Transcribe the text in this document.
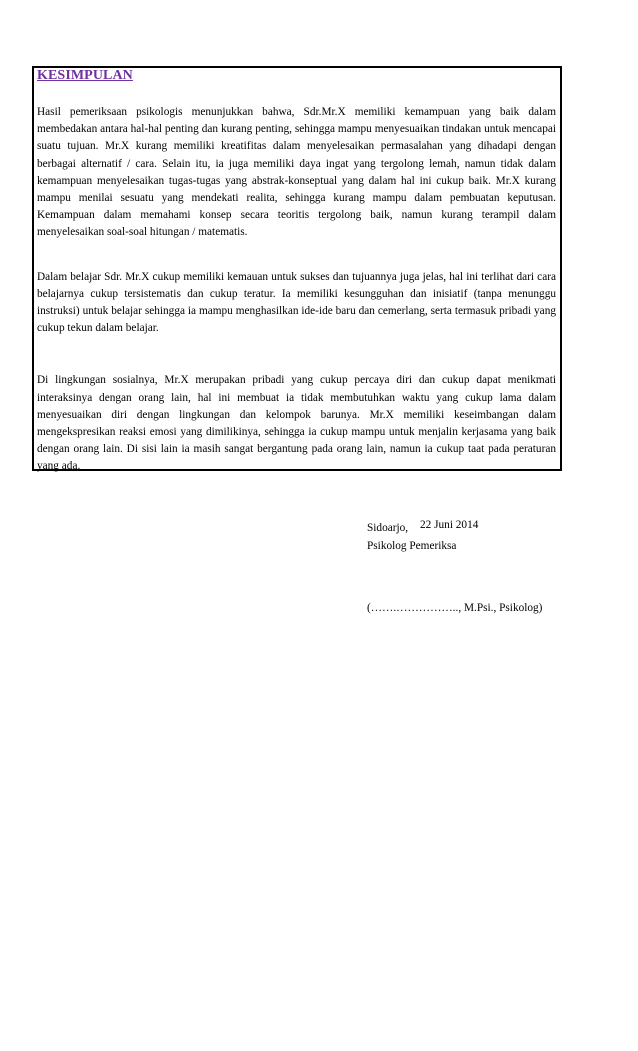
KESIMPULAN

Hasil pemeriksaan psikologis menunjukkan bahwa, Sdr.Mr.X memiliki kemampuan yang baik dalam membedakan antara hal-hal penting dan kurang penting, sehingga mampu menyesuaikan tindakan untuk mencapai suatu tujuan. Mr.X kurang memiliki kreatifitas dalam menyelesaikan permasalahan yang dihadapi dengan berbagai alternatif / cara. Selain itu, ia juga memiliki daya ingat yang tergolong lemah, namun tidak dalam kemampuan menyelesaikan tugas-tugas yang abstrak-konseptual yang dalam hal ini cukup baik. Mr.X kurang mampu menilai sesuatu yang mendekati realita, sehingga kurang mampu dalam pembuatan keputusan. Kemampuan dalam memahami konsep secara teoritis tergolong baik, namun kurang terampil dalam menyelesaikan soal-soal hitungan / matematis.

Dalam belajar Sdr. Mr.X cukup memiliki kemauan untuk sukses dan tujuannya juga jelas, hal ini terlihat dari cara belajarnya cukup tersistematis dan cukup teratur. Ia memiliki kesungguhan dan inisiatif (tanpa menunggu instruksi) untuk belajar sehingga ia mampu menghasilkan ide-ide baru dan cemerlang, serta termasuk pribadi yang cukup tekun dalam belajar.

Di lingkungan sosialnya, Mr.X merupakan pribadi yang cukup percaya diri dan cukup dapat menikmati interaksinya dengan orang lain, hal ini membuat ia tidak membutuhkan waktu yang cukup lama dalam menyesuaikan diri dengan lingkungan dan kelompok barunya. Mr.X memiliki keseimbangan dalam mengekspresikan reaksi emosi yang dimilikinya, sehingga ia cukup mampu untuk menjalin kerjasama yang baik dengan orang lain. Di sisi lain ia masih sangat bergantung pada orang lain, namun ia cukup taat pada peraturan yang ada.

Sidoarjo, 22 Juni 2014
Psikolog Pemeriksa
(…….…………….., M.Psi., Psikolog)
